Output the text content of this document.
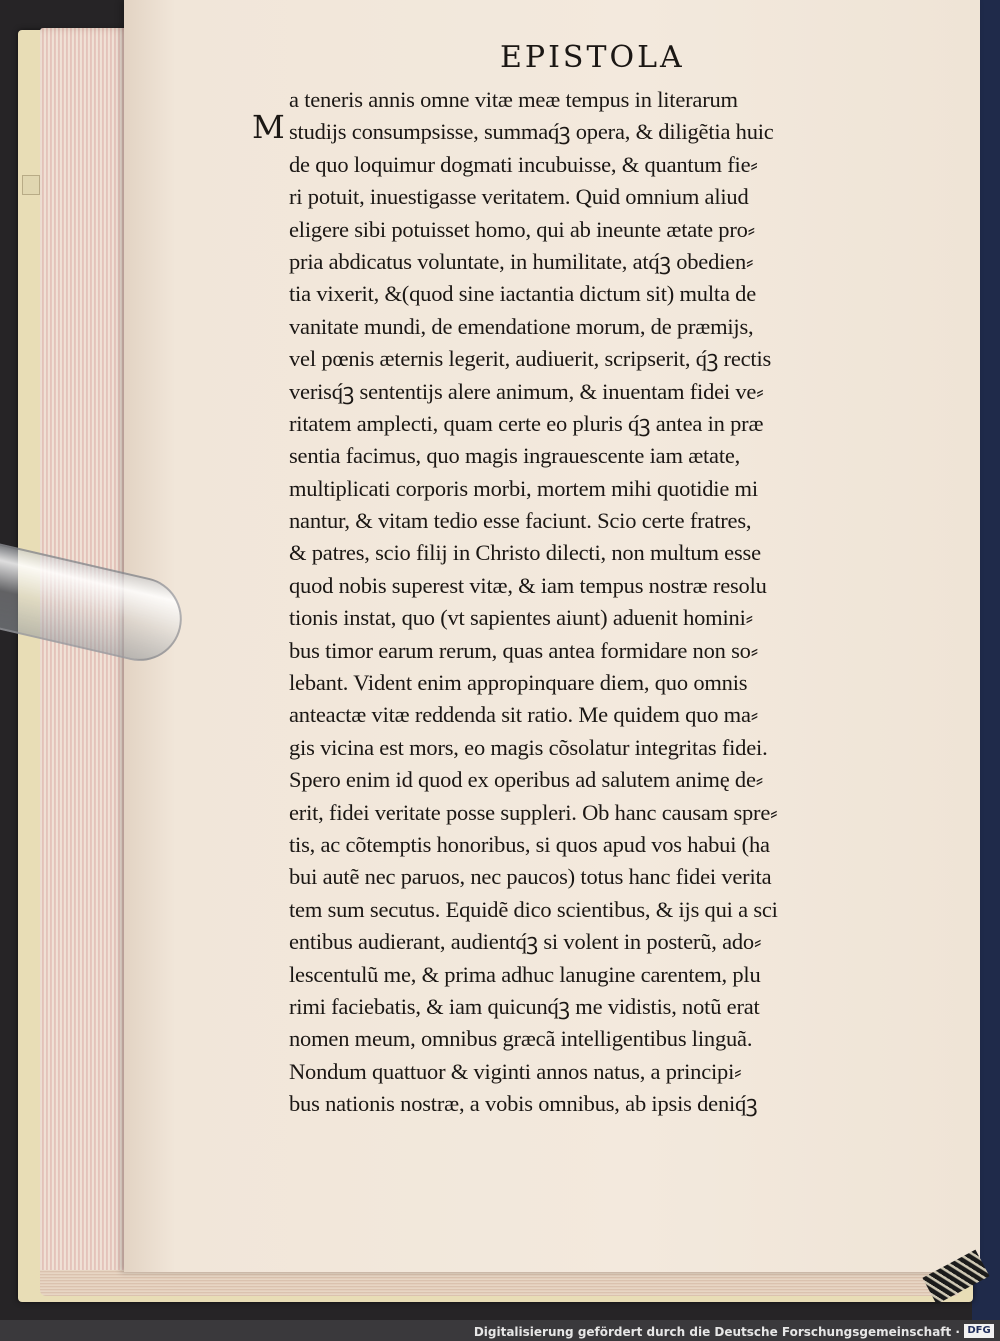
EPISTOLA
M
a teneris annis omne vitæ meæ tempus in literarum
studijs consumpsisse, summaq́ꝫ opera, & diligẽtia huic
de quo loquimur dogmati incubuisse, & quantum fie⸗
ri potuit, inuestigasse veritatem. Quid omnium aliud
eligere sibi potuisset homo, qui ab ineunte ætate pro⸗
pria abdicatus voluntate, in humilitate, atq́ꝫ obedien⸗
tia vixerit, &(quod sine iactantia dictum sit) multa de
vanitate mundi, de emendatione morum, de præmijs,
vel pœnis æternis legerit, audiuerit, scripserit, q́ꝫ rectis
verisq́ꝫ sententijs alere animum, & inuentam fidei ve⸗
ritatem amplecti, quam certe eo pluris q́ꝫ antea in præ
sentia facimus, quo magis ingrauescente iam ætate,
multiplicati corporis morbi, mortem mihi quotidie mi
nantur, & vitam tedio esse faciunt. Scio certe fratres,
& patres, scio filij in Christo dilecti, non multum esse
quod nobis superest vitæ, & iam tempus nostræ resolu
tionis instat, quo (vt sapientes aiunt) aduenit homini⸗
bus timor earum rerum, quas antea formidare non so⸗
lebant. Vident enim appropinquare diem, quo omnis
anteactæ vitæ reddenda sit ratio. Me quidem quo ma⸗
gis vicina est mors, eo magis cõsolatur integritas fidei.
Spero enim id quod ex operibus ad salutem animę de⸗
erit, fidei veritate posse suppleri. Ob hanc causam spre⸗
tis, ac cõtemptis honoribus, si quos apud vos habui (ha
bui autẽ nec paruos, nec paucos) totus hanc fidei verita
tem sum secutus. Equidẽ dico scientibus, & ijs qui a sci
entibus audierant, audientq́ꝫ si volent in posterũ, ado⸗
lescentulũ me, & prima adhuc lanugine carentem, plu
rimi faciebatis, & iam quicunq́ꝫ me vidistis, notũ erat
nomen meum, omnibus græcã intelligentibus linguã.
Nondum quattuor & viginti annos natus, a principi⸗
bus nationis nostræ, a vobis omnibus, ab ipsis deniq́ꝫ
Digitalisierung gefördert durch die Deutsche Forschungsgemeinschaft · DFG
